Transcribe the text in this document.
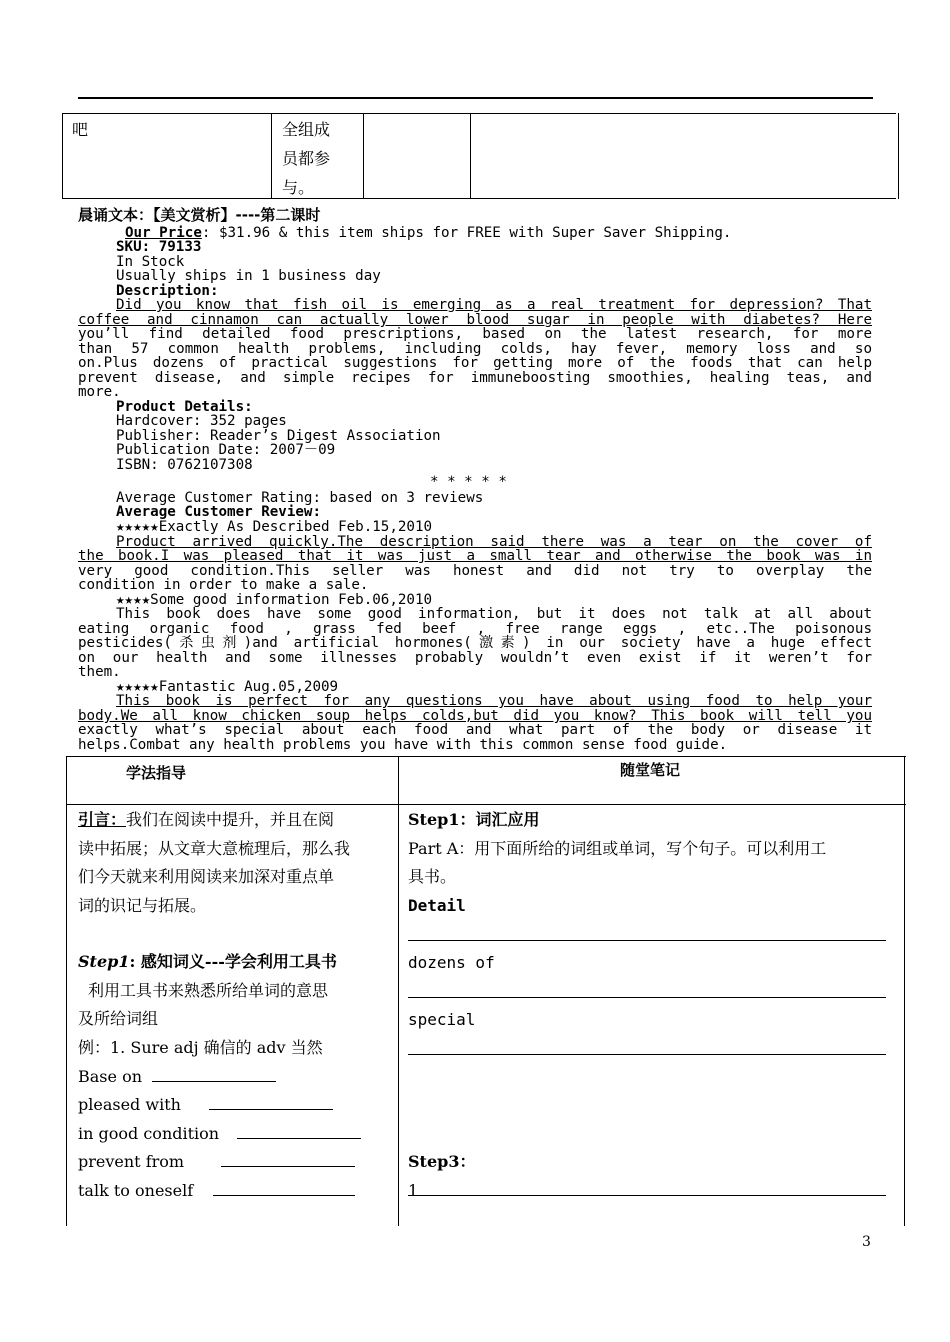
吧	全组成
员都参
与。
晨诵文本：【美文赏析】----第二课时
Our Price: $31.96 & this item ships for FREE with Super Saver Shipping.
SKU: 79133
In Stock
Usually ships in 1 business day
Description:
Did you know that fish oil is emerging as a real treatment for depression? That
coffee and cinnamon can actually lower blood sugar in people with diabetes? Here
you’ll find detailed food prescriptions, based on the latest research, for more
than 57 common health problems, including colds, hay fever, memory loss and so
on.Plus dozens of practical suggestions for getting more of the foods that can help
prevent disease, and simple recipes for immuneboosting smoothies, healing teas, and
more.
Product Details:
Hardcover: 352 pages
Publisher: Reader’s Digest Association
Publication Date: 2007－09
ISBN: 0762107308
* * * * *
Average Customer Rating: based on 3 reviews
Average Customer Review:
★★★★★Exactly As Described Feb.15,2010
Product arrived quickly.The description said there was a tear on the cover of
the book.I was pleased that it was just a small tear and otherwise the book was in
very good condition.This seller was honest and did not try to overplay the
condition in order to make a sale.
★★★★Some good information Feb.06,2010
This book does have some good information, but it does not talk at all about
eating organic food , grass fed beef , free range eggs , etc..The poisonous
pesticides(杀虫剂)and artificial hormones(激素) in our society have a huge effect
on our health and some illnesses probably wouldn’t even exist if it weren’t for
them.
★★★★★Fantastic Aug.05,2009
This book is perfect for any questions you have about using food to help your
body.We all know chicken soup helps colds,but did you know? This book will tell you
exactly what’s special about each food and what part of the body or disease it
helps.Combat any health problems you have with this common sense food guide.
学法指导	随堂笔记
引言：我们在阅读中提升，并且在阅
读中拓展；从文章大意梳理后，那么我
们今天就来利用阅读来加深对重点单
词的识记与拓展。
Step1: 感知词义---学会利用工具书
利用工具书来熟悉所给单词的意思
及所给词组
例：1. Sure adj 确信的 adv 当然
Base on
pleased with
in good condition
prevent from
talk to oneself
Step1：词汇应用
Part A：用下面所给的词组或单词，写个句子。可以利用工
具书。
Detail
dozens of
special
Step3：
1
3
